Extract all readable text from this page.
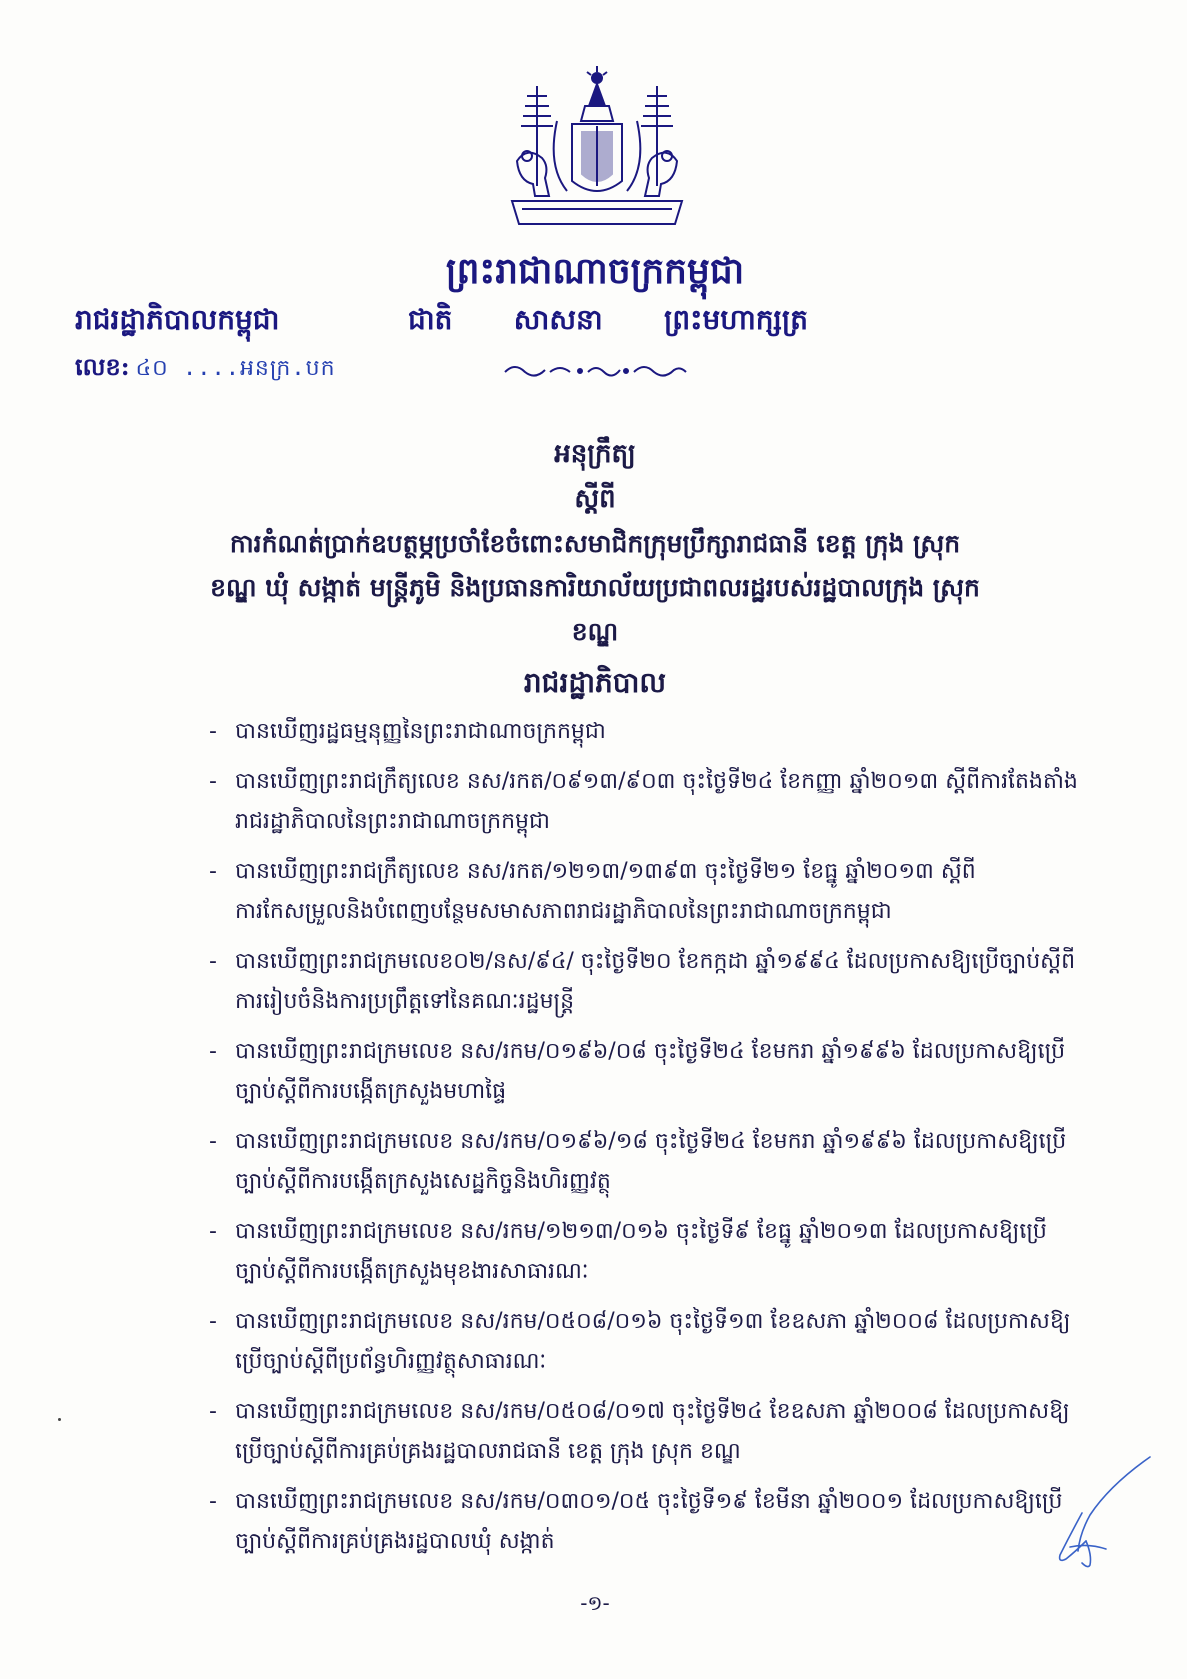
ព្រះរាជាណាចក្រកម្ពុជា
រាជរដ្ឋាភិបាលកម្ពុជា	ជាតិ សាសនា ព្រះមហាក្សត្រ
លេខ: ៤០ ....អនក្រ.បក
អនុក្រឹត្យ
ស្តីពី
ការកំណត់ប្រាក់ឧបត្ថម្ភប្រចាំខែចំពោះសមាជិកក្រុមប្រឹក្សារាជធានី ខេត្ត ក្រុង ស្រុក
ខណ្ឌ ឃុំ សង្កាត់ មន្ត្រីភូមិ និងប្រធានការិយាល័យប្រជាពលរដ្ឋរបស់រដ្ឋបាលក្រុង ស្រុក
ខណ្ឌ
រាជរដ្ឋាភិបាល
- បានឃើញរដ្ឋធម្មនុញ្ញនៃព្រះរាជាណាចក្រកម្ពុជា
- បានឃើញព្រះរាជក្រឹត្យលេខ នស/រកត/០៩១៣/៩០៣ ចុះថ្ងៃទី២៤ ខែកញ្ញា ឆ្នាំ២០១៣ ស្តីពីការតែងតាំងរាជរដ្ឋាភិបាលនៃព្រះរាជាណាចក្រកម្ពុជា
- បានឃើញព្រះរាជក្រឹត្យលេខ នស/រកត/១២១៣/១៣៩៣ ចុះថ្ងៃទី២១ ខែធ្នូ ឆ្នាំ២០១៣ ស្តីពីការកែសម្រួលនិងបំពេញបន្ថែមសមាសភាពរាជរដ្ឋាភិបាលនៃព្រះរាជាណាចក្រកម្ពុជា
- បានឃើញព្រះរាជក្រមលេខ០២/នស/៩៤/ ចុះថ្ងៃទី២០ ខែកក្កដា ឆ្នាំ១៩៩៤ ដែលប្រកាសឱ្យប្រើច្បាប់ស្តីពីការរៀបចំនិងការប្រព្រឹត្តទៅនៃគណៈរដ្ឋមន្ត្រី
- បានឃើញព្រះរាជក្រមលេខ នស/រកម/០១៩៦/០៨ ចុះថ្ងៃទី២៤ ខែមករា ឆ្នាំ១៩៩៦ ដែលប្រកាសឱ្យប្រើច្បាប់ស្តីពីការបង្កើតក្រសួងមហាផ្ទៃ
- បានឃើញព្រះរាជក្រមលេខ នស/រកម/០១៩៦/១៨ ចុះថ្ងៃទី២៤ ខែមករា ឆ្នាំ១៩៩៦ ដែលប្រកាសឱ្យប្រើច្បាប់ស្តីពីការបង្កើតក្រសួងសេដ្ឋកិច្ចនិងហិរញ្ញវត្ថុ
- បានឃើញព្រះរាជក្រមលេខ នស/រកម/១២១៣/០១៦ ចុះថ្ងៃទី៩ ខែធ្នូ ឆ្នាំ២០១៣ ដែលប្រកាសឱ្យប្រើច្បាប់ស្តីពីការបង្កើតក្រសួងមុខងារសាធារណៈ
- បានឃើញព្រះរាជក្រមលេខ នស/រកម/០៥០៨/០១៦ ចុះថ្ងៃទី១៣ ខែឧសភា ឆ្នាំ២០០៨ ដែលប្រកាសឱ្យប្រើច្បាប់ស្តីពីប្រព័ន្ធហិរញ្ញវត្ថុសាធារណៈ
- បានឃើញព្រះរាជក្រមលេខ នស/រកម/០៥០៨/០១៧ ចុះថ្ងៃទី២៤ ខែឧសភា ឆ្នាំ២០០៨ ដែលប្រកាសឱ្យប្រើច្បាប់ស្តីពីការគ្រប់គ្រងរដ្ឋបាលរាជធានី ខេត្ត ក្រុង ស្រុក ខណ្ឌ
- បានឃើញព្រះរាជក្រមលេខ នស/រកម/០៣០១/០៥ ចុះថ្ងៃទី១៩ ខែមីនា ឆ្នាំ២០០១ ដែលប្រកាសឱ្យប្រើច្បាប់ស្តីពីការគ្រប់គ្រងរដ្ឋបាលឃុំ សង្កាត់
-១-
